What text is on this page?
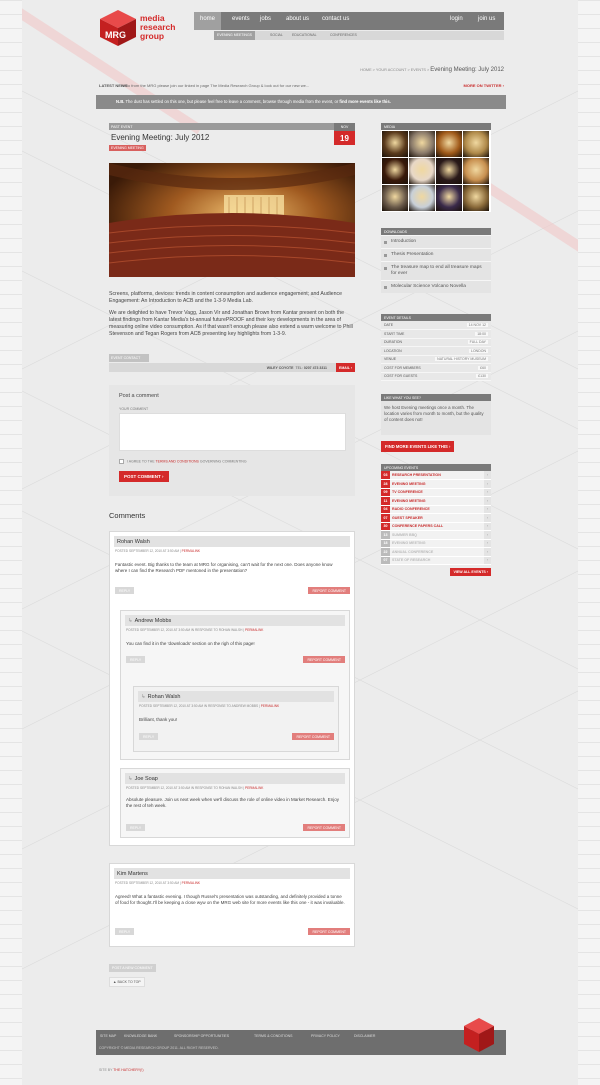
MRG
media
research
group
home	events jobs about us contact us	login	join us
EVENING MEETINGS	SOCIAL	EDUCATIONAL	CONFERENCES
HOME > YOUR ACCOUNT > EVENTS > Evening Meeting: July 2012
LATEST NEWS
Hello from the MRG please join our linked in page The Media Research Group & look out for our new we...	MORE ON TWITTER ›
N.B. The dust has settled on this one, but please feel free to leave a comment, browse through media from the event, or find more events like this.
PAST EVENT	NOV
19
Evening Meeting: July 2012
EVENING MEETING

Screens, platforms, devices: trends in content consumption and audience engagement; and Audience Engagement: An Introduction to ACB and the 1-3-9 Media Lab.

We are delighted to have Trevor Vagg, Jason Vir and Jonathan Brown from Kantar present on both the latest findings from Kantar Media's bi-annual futurePROOF and their key developments in the area of measuring online video consumption. As if that wasn't enough please also extend a warm welcome to Phill Stevenson and Tegan Rogers from ACB presenting key highlights from 1-3-9.

EVENT CONTACT
WILEY COYOTE TEL: 0207 473 3311	EMAIL ›
Post a comment
YOUR COMMENT
I AGREE TO THE TERMS AND CONDITIONS GOVERNING COMMENTING
POST COMMENT ›
Comments
Rohan Walsh
POSTED SEPTEMBER 12, 2010 AT 3:50 AM | PERMALINK
Fantastic event. Big thanks to the team at MRG for organising, can't wait for the next one. Does anyone know where I can find the Research PDF mentoned in the presentation?
REPLY	REPORT COMMENT
↳ Andrew Mobbs
POSTED SEPTEMBER 12, 2010 AT 3:50 AM IN RESPONSE TO ROHAN WALSH | PERMALINK
You can find it in the 'downloads' section on the righ of this page!
REPLY	REPORT COMMENT
↳ Rohan Walsh
POSTED SEPTEMBER 12, 2010 AT 3:50 AM IN RESPONSE TO ANDREW MOBBS | PERMALINK
Brilliant, thank you!
REPLY	REPORT COMMENT
↳ Joe Soap
POSTED SEPTEMBER 12, 2010 AT 3:50 AM IN RESPONSE TO ROHAN WALSH | PERMALINK
Absolute pleasure. Join us next week when we'll discuss the role of online video in Market Research. Enjoy the rest of teh week.
REPLY	REPORT COMMENT
Kim Martens
POSTED SEPTEMBER 12, 2010 AT 3:50 AM | PERMALINK
Agreed! What a fantastic evening. I though Russel's presentation was outstanding, and definitely provided a tonne of food for thought.I'll be keeping a close wyw on the MRG web site for more events like this one - it was invaluable.
REPLY	REPORT COMMENT
POST A NEW COMMENT
▲ BACK TO TOP
MEDIA
DOWNLOADS
Introduction
Thesis Presentation
The treasure map to end all treasure maps for ever
Molecular Science Volcano Novella
EVENT DETAILS
DATE	14 NOV 12
START TIME	18:00
DURATION	FULL DAY
LOCATION	LONDON
VENUE	NATURAL HISTORY MUSEUM
COST FOR MEMBERS	£60
COST FOR GUESTS	£130
LIKE WHAT YOU SEE?
We host Evening meetings once a month. The location varies from month to month, but the quality of content does not!
FIND MORE EVENTS LIKE THIS ›
UPCOMING EVENTS
03	RESEARCH PRESENTATION	›
28	EVENING MEETING	›
09	TV CONFERENCE	›
11	EVENING MEETING	›
04	RADIO CONFERENCE	›
07	GUEST SPEAKER	›
30	CONFERENCE PAPERS CALL	›
13	SUMMER BBQ	›
18	EVENING MEETING	›
22	ANNUAL CONFERENCE	›
07	STATE OF RESEARCH	›
VIEW ALL EVENTS ›
SITE MAP KNOWLEDGE BANK	SPONSORSHIP OPPORTUNITIES	TERMS & CONDITIONS	PRIVACY POLICY	DISCLAIMER
COPYRIGHT © MEDIA RESEARCH GROUP 2011. ALL RIGHT RESERVED.
SITE BY THE HATCHERY(!)
